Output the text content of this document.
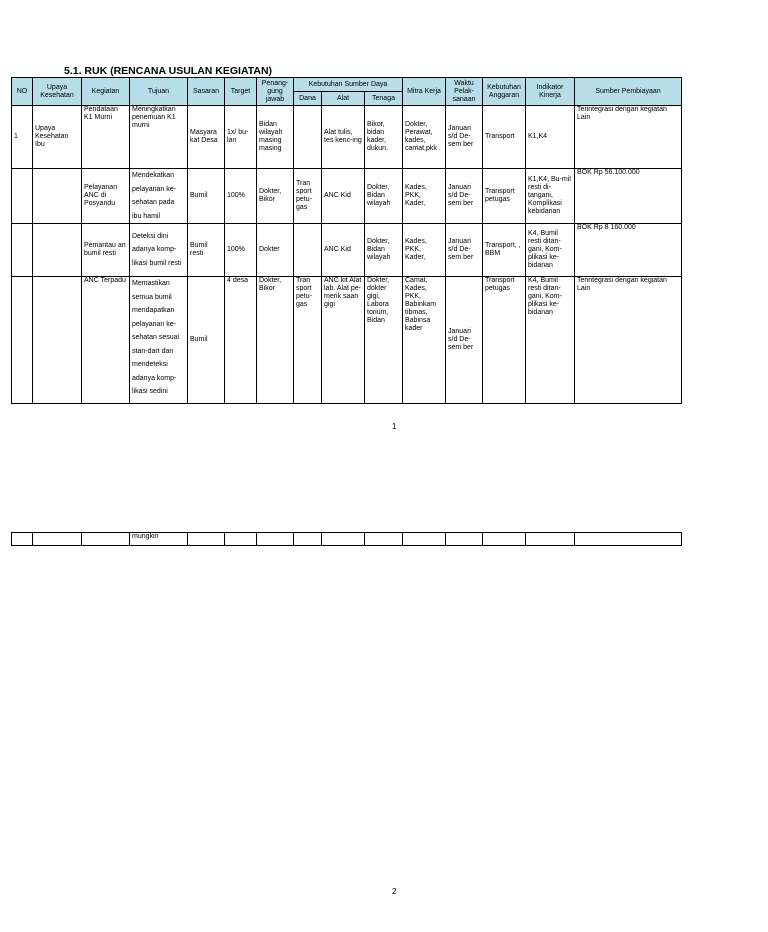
5.1. RUK (RENCANA USULAN KEGIATAN)
NO	Upaya Kesehatan	Kegiatan	Tujuan	Sasaran	Target	Penang-gung jawab	Kebutuhan Sumber Daya			Mitra Kerja	Waktu Pelak-sanaan	Kebutuhan Anggaran	Indikator Kinerja	Sumber Pembiayaan
							Dana	Alat	Tenaga					
1	Upaya Kesehatan Ibu	Pendataan K1 Murni	Meningkatkan penemuan K1 murni	Masyara kat Desa	1x/ bu-lan	Bidan wilayah masing masing		Alat tulis, tes kenc-ing	Bikor, bidan kader, dukun.	Dokter, Perawat, kades, camat,pkk .	Januari s/d De-sem ber	Transport	K1,K4	Terintegrasi dengan kegiatan Lain
		Pelayanan ANC di Posyandu	Mendekatkan pelayanan ke-sehatan pada ibu hamil	Bumil	100%	Dokter, Bikor	Tran sport petu-gas	ANC Kid	Dokter, Bidan wilayah	Kades, PKK, Kader,	Januari s/d De-sem ber	Transport petugas	K1,K4, Bu-mil resti di-tangani, Komplikasi kebidanan	BOK Rp 56.100.000
		Pemantau an bumil resti	Deteksi dini adanya komp-likasi bumil resti	Bumil resti	100%	Dokter		ANC Kid	Dokter, Bidan wilayah	Kades, PKK, Kader,	Januari s/d De-sem ber	Transport, , BBM	K4, Bumil resti ditan-gani, Kom-plikasi ke-bidanan	BOK Rp 8 160.000
		ANC Terpadu	Memastikan semua bumil mendapatkan pelayanan ke-sehatan sesuai stan-dart dan mendeteksi adanya komp-likasi sedini	Bumil	4 desa	Dokter, Bikor	Tran sport petu-gas	ANC kit Alat lab. Alat pe-merik saan gigi	Dokter, dokter gigi, Labora torium, Bidan	Camat, Kades, PKK, Babinkam tibmas, Babinsa kader	Januari s/d De-sem ber	Transport petugas	K4, Bumil resti ditan-gani, Kom-plikasi ke-bidanan	Terintegrasi dengan kegiatan Lain
1
			mungkin											
2
